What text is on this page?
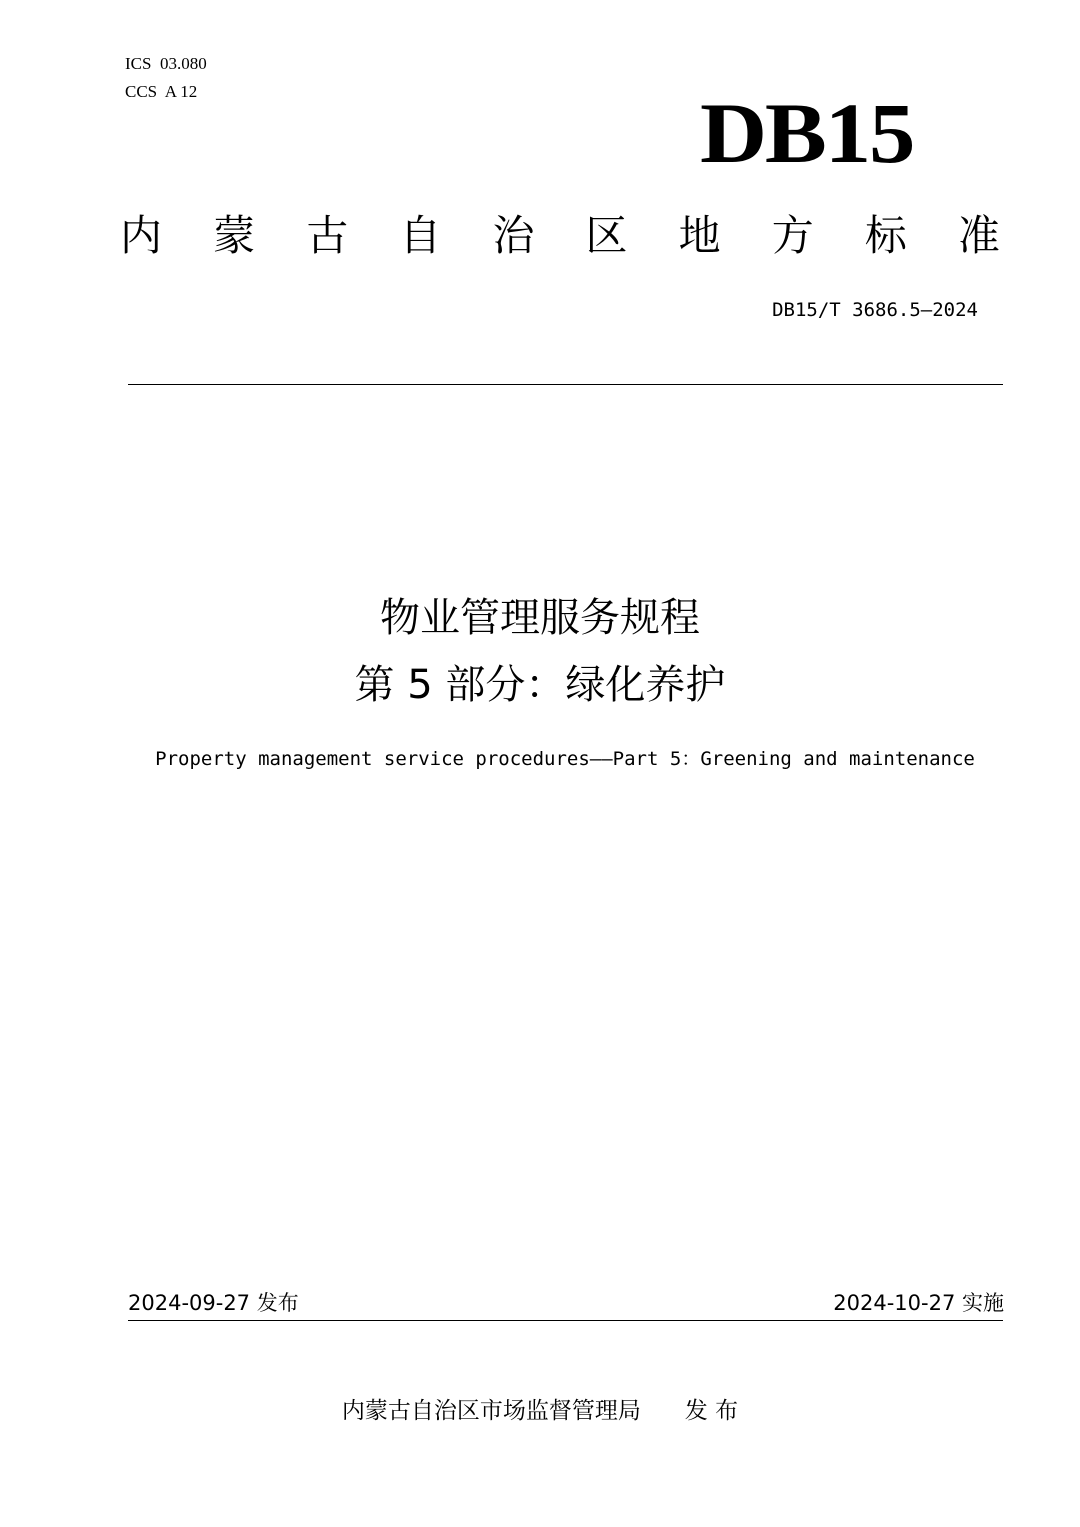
ICS  03.080
CCS  A 12	DB15
内 蒙 古 自 治 区 地 方 标 准
DB15/T 3686.5—2024
物业管理服务规程
第 5 部分：绿化养护
Property management service procedures——Part 5：Greening and maintenance
2024-09-27 发布	2024-10-27 实施
内蒙古自治区市场监督管理局      发 布
